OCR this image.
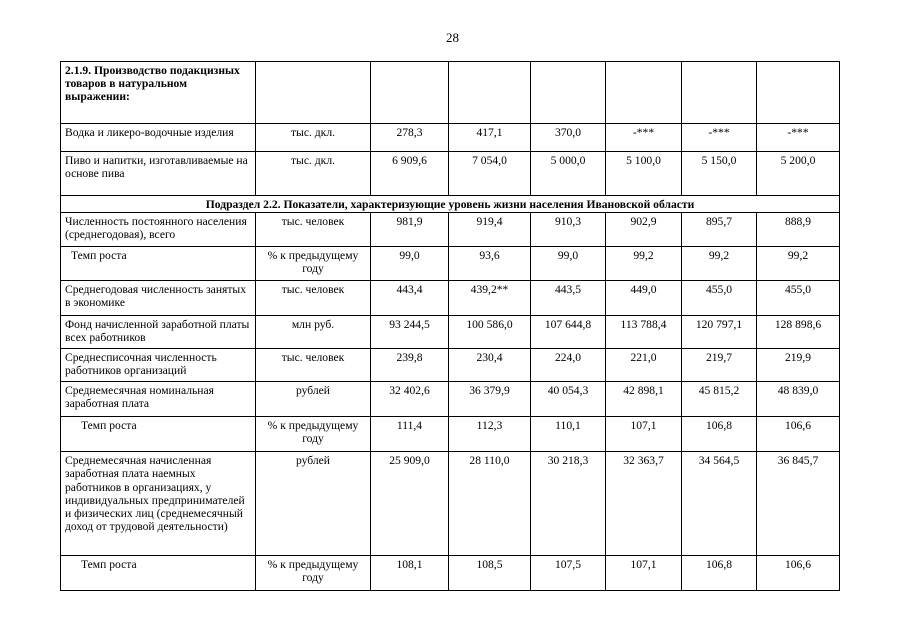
28
2.1.9. Производство подакцизных товаров в натуральном выражении:							
Водка и ликеро-водочные изделия	тыс. дкл.	278,3	417,1	370,0	-***	-***	-***
Пиво и напитки, изготавливаемые на основе пива	тыс. дкл.	6 909,6	7 054,0	5 000,0	5 100,0	5 150,0	5 200,0
Подраздел 2.2. Показатели, характеризующие уровень жизни населения Ивановской области							
Численность постоянного населения (среднегодовая), всего	тыс. человек	981,9	919,4	910,3	902,9	895,7	888,9
Темп роста	% к предыдущему году	99,0	93,6	99,0	99,2	99,2	99,2
Среднегодовая численность занятых в экономике	тыс. человек	443,4	439,2**	443,5	449,0	455,0	455,0
Фонд начисленной заработной платы всех работников	млн руб.	93 244,5	100 586,0	107 644,8	113 788,4	120 797,1	128 898,6
Среднесписочная численность работников организаций	тыс. человек	239,8	230,4	224,0	221,0	219,7	219,9
Среднемесячная номинальная заработная плата	рублей	32 402,6	36 379,9	40 054,3	42 898,1	45 815,2	48 839,0
Темп роста	% к предыдущему году	111,4	112,3	110,1	107,1	106,8	106,6
Среднемесячная начисленная заработная плата наемных работников в организациях, у индивидуальных предпринимателей и физических лиц (среднемесячный доход от трудовой деятельности)	рублей	25 909,0	28 110,0	30 218,3	32 363,7	34 564,5	36 845,7
Темп роста	% к предыдущему году	108,1	108,5	107,5	107,1	106,8	106,6
